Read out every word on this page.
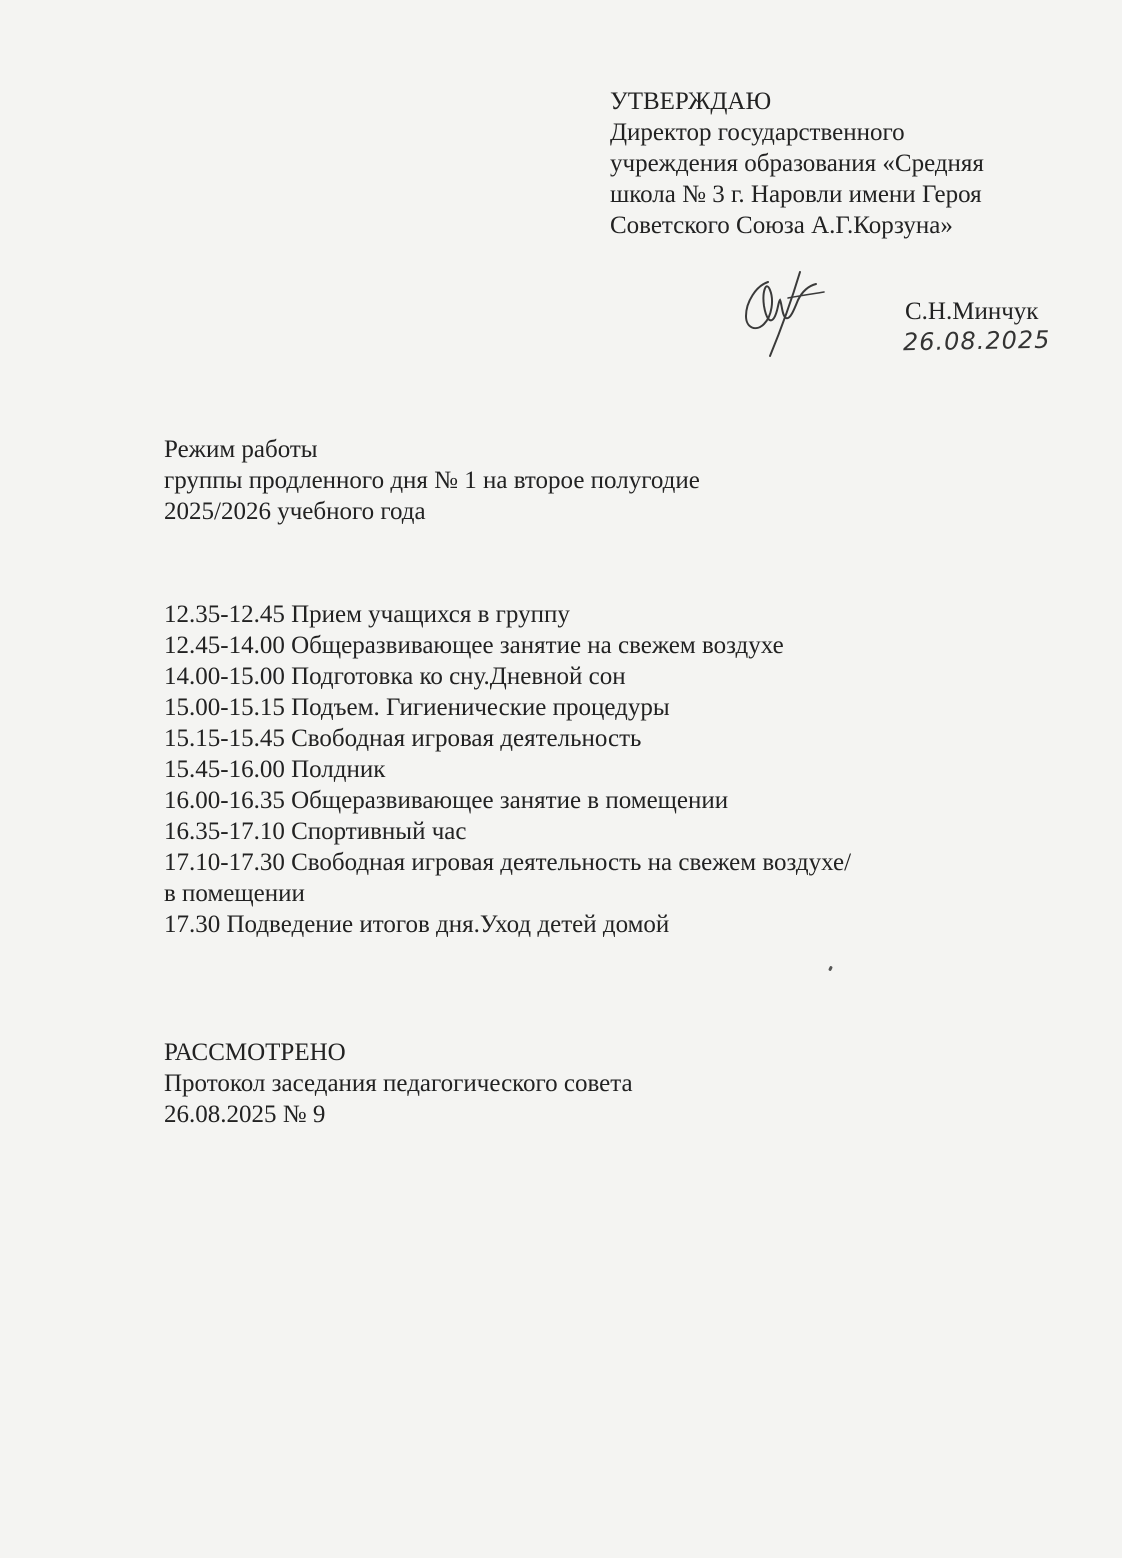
УТВЕРЖДАЮ
Директор государственного
учреждения образования «Средняя
школа № 3 г. Наровли имени Героя
Советского Союза А.Г.Корзуна»
С.Н.Минчук
26.08.2025
Режим работы
группы продленного дня № 1 на второе полугодие
2025/2026 учебного года
12.35-12.45 Прием учащихся в группу
12.45-14.00 Общеразвивающее занятие на свежем воздухе
14.00-15.00 Подготовка ко сну.Дневной сон
15.00-15.15 Подъем. Гигиенические процедуры
15.15-15.45 Свободная игровая деятельность
15.45-16.00 Полдник
16.00-16.35 Общеразвивающее занятие в помещении
16.35-17.10 Спортивный час
17.10-17.30 Свободная игровая деятельность на свежем воздухе/
в помещении
17.30 Подведение итогов дня.Уход детей домой
РАССМОТРЕНО
Протокол заседания педагогического совета
26.08.2025 № 9
